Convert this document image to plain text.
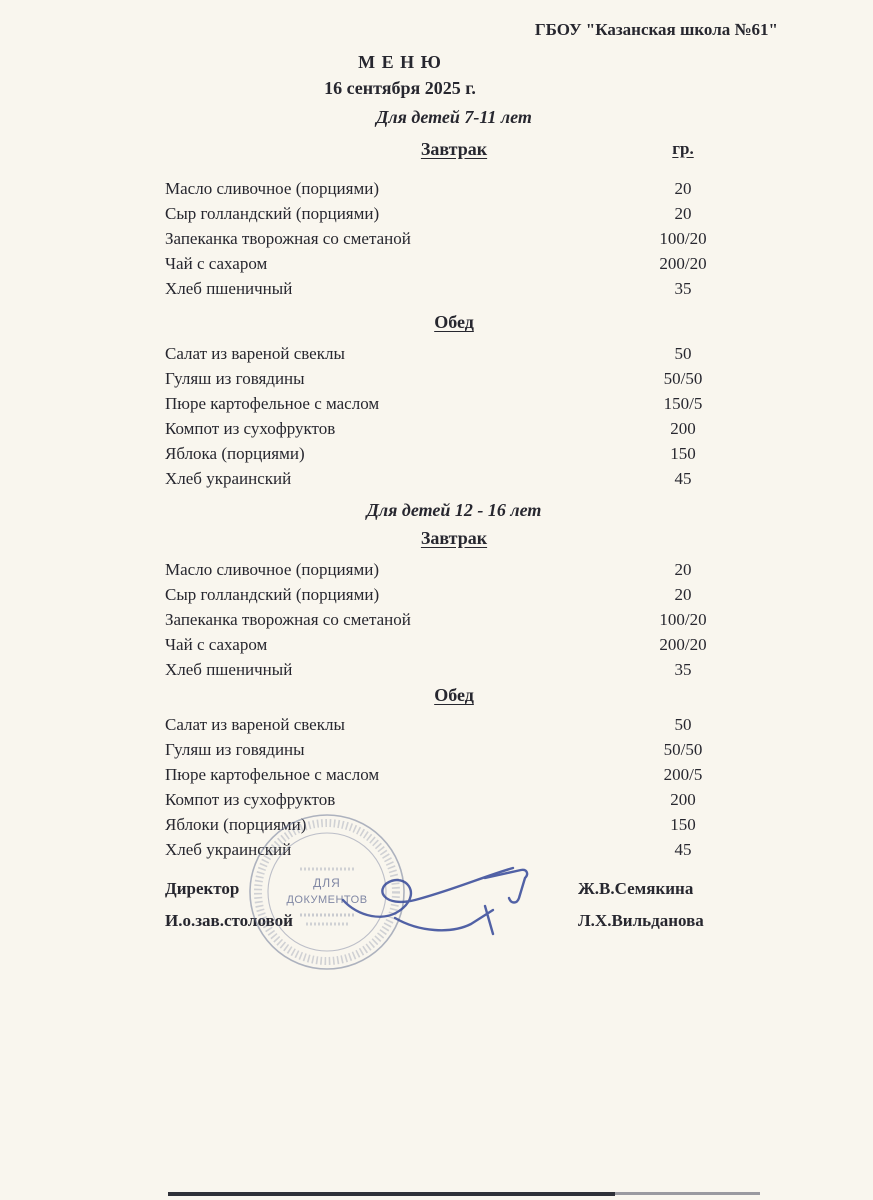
ГБОУ "Казанская школа №61"
М Е Н Ю
16 сентября 2025 г.
Для детей 7-11 лет
Завтрак	гр.
Масло сливочное (порциями)	20
Сыр голландский (порциями)	20
Запеканка творожная со сметаной	100/20
Чай с сахаром	200/20
Хлеб пшеничный	35
Обед
Салат из вареной свеклы	50
Гуляш из говядины	50/50
Пюре картофельное с маслом	150/5
Компот из сухофруктов	200
Яблока (порциями)	150
Хлеб украинский	45
Для детей 12 - 16 лет
Завтрак
Масло сливочное (порциями)	20
Сыр голландский (порциями)	20
Запеканка творожная со сметаной	100/20
Чай с сахаром	200/20
Хлеб пшеничный	35
Обед
Салат из вареной свеклы	50
Гуляш из говядины	50/50
Пюре картофельное с маслом	200/5
Компот из сухофруктов	200
Яблоки (порциями)	150
Хлеб украинский	45
Директор	Ж.В.Семякина
И.о.зав.столовой	Л.Х.Вильданова
ДЛЯ
ДОКУМЕНТОВ
